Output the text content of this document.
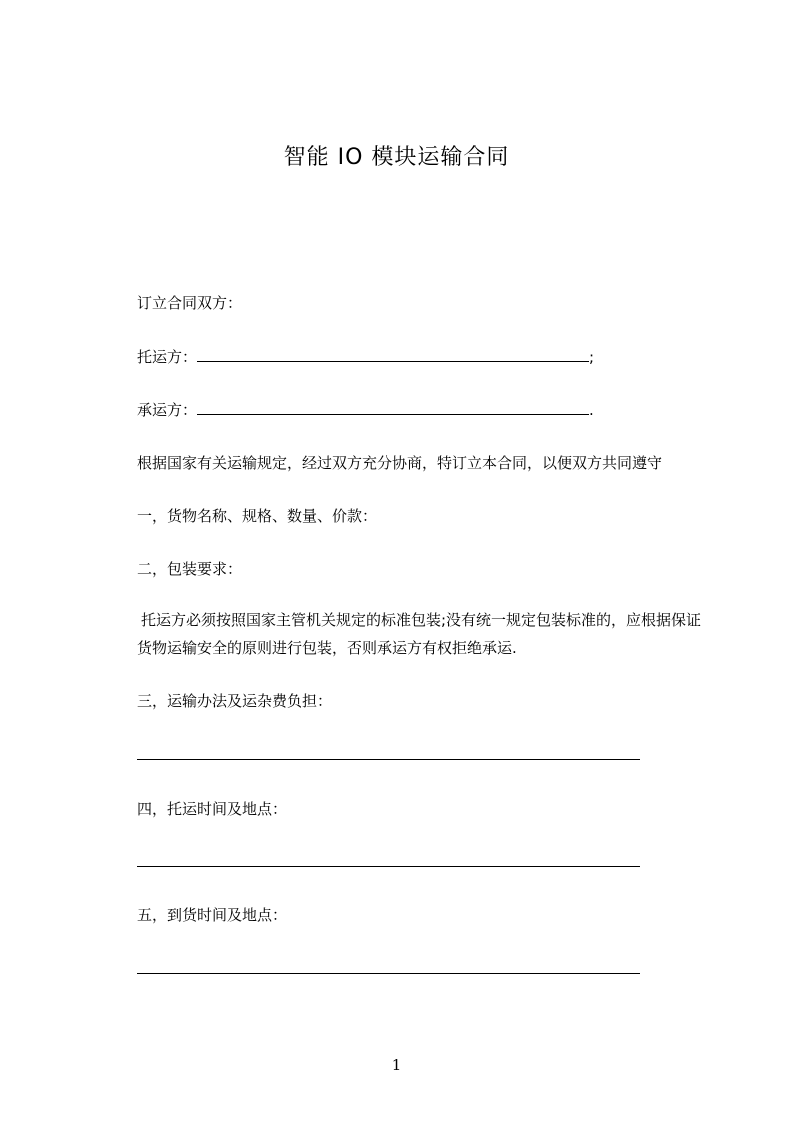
智能 IO 模块运输合同
订立合同双方：
托运方：	;
承运方：	.
根据国家有关运输规定，经过双方充分协商，特订立本合同，以便双方共同遵守
一，货物名称、规格、数量、价款：
二，包装要求：
托运方必须按照国家主管机关规定的标准包装;没有统一规定包装标准的，应根据保证货物运输安全的原则进行包装，否则承运方有权拒绝承运.
三，运输办法及运杂费负担：
四，托运时间及地点：
五，到货时间及地点：
1
